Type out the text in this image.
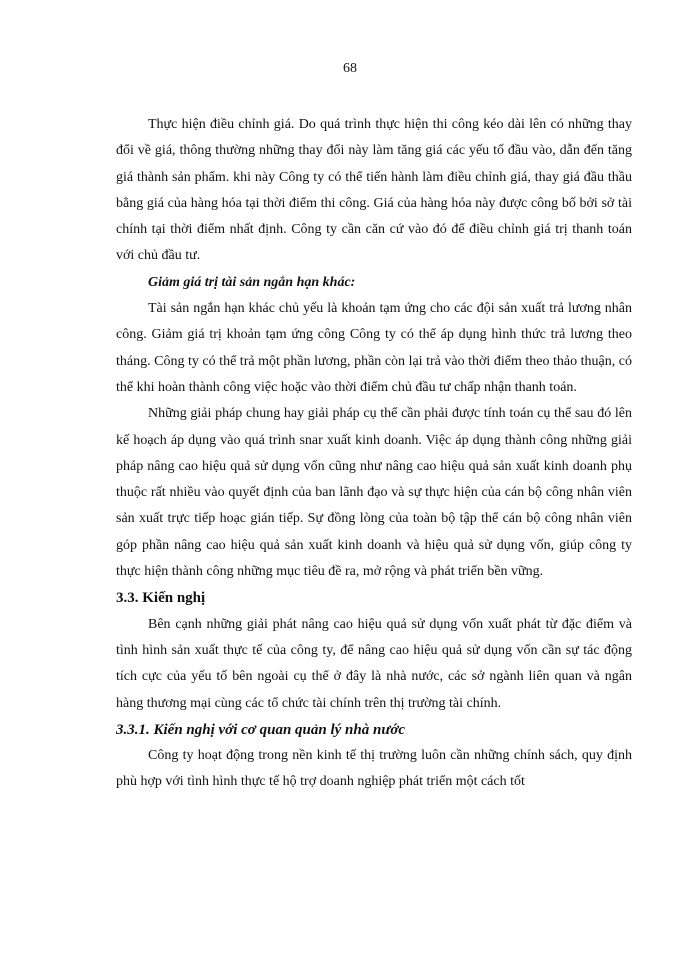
68

Thực hiện điều chỉnh giá. Do quá trình thực hiện thi công kéo dài lên có những thay đổi về giá, thông thường những thay đổi này làm tăng giá các yếu tố đầu vào, dẫn đến tăng giá thành sản phẩm. khi này Công ty có thể tiến hành làm điều chỉnh giá, thay giá đầu thầu bằng giá của hàng hóa tại thời điểm thi công. Giá của hàng hóa này được công bố bởi sở tài chính tại thời điểm nhất định. Công ty cần căn cứ vào đó để điều chỉnh giá trị thanh toán với chủ đầu tư.

Giảm giá trị tài sản ngắn hạn khác:

Tài sản ngắn hạn khác chủ yếu là khoản tạm ứng cho các đội sản xuất trả lương nhân công. Giảm giá trị khoản tạm ứng công Công ty có thể áp dụng hình thức trả lương theo tháng. Công ty có thể trả một phần lương, phần còn lại trả vào thời điểm theo thảo thuận, có thể khi hoàn thành công việc hoặc vào thời điểm chủ đầu tư chấp nhận thanh toán.

Những giải pháp chung hay giải pháp cụ thể cần phải được tính toán cụ thể sau đó lên kế hoạch áp dụng vào quá trình snar xuất kinh doanh. Việc áp dụng thành công những giải pháp nâng cao hiệu quả sử dụng vốn cũng như nâng cao hiệu quả sản xuất kinh doanh phụ thuộc rất nhiều vào quyết định của ban lãnh đạo và sự thực hiện của cán bộ công nhân viên sản xuất trực tiếp hoạc gián tiếp. Sự đồng lòng của toàn bộ tập thể cán bộ công nhân viên góp phần nâng cao hiệu quả sản xuất kinh doanh và hiệu quả sử dụng vốn, giúp công ty thực hiện thành công những mục tiêu đề ra, mở rộng và phát triển bền vững.

3.3. Kiến nghị

Bên cạnh những giải phát nâng cao hiệu quả sử dụng vốn xuất phát từ đặc điểm và tình hình sản xuất thực tế của công ty, để nâng cao hiệu quả sử dụng vốn cần sự tác động tích cực của yếu tố bên ngoài cụ thể ở đây là nhà nước, các sở ngành liên quan và ngân hàng thương mại cùng các tổ chức tài chính trên thị trường tài chính.

3.3.1. Kiến nghị với cơ quan quản lý nhà nước

Công ty hoạt động trong nền kinh tế thị trường luôn cần những chính sách, quy định phù hợp với tình hình thực tế hộ trợ doanh nghiệp phát triển một cách tốt
